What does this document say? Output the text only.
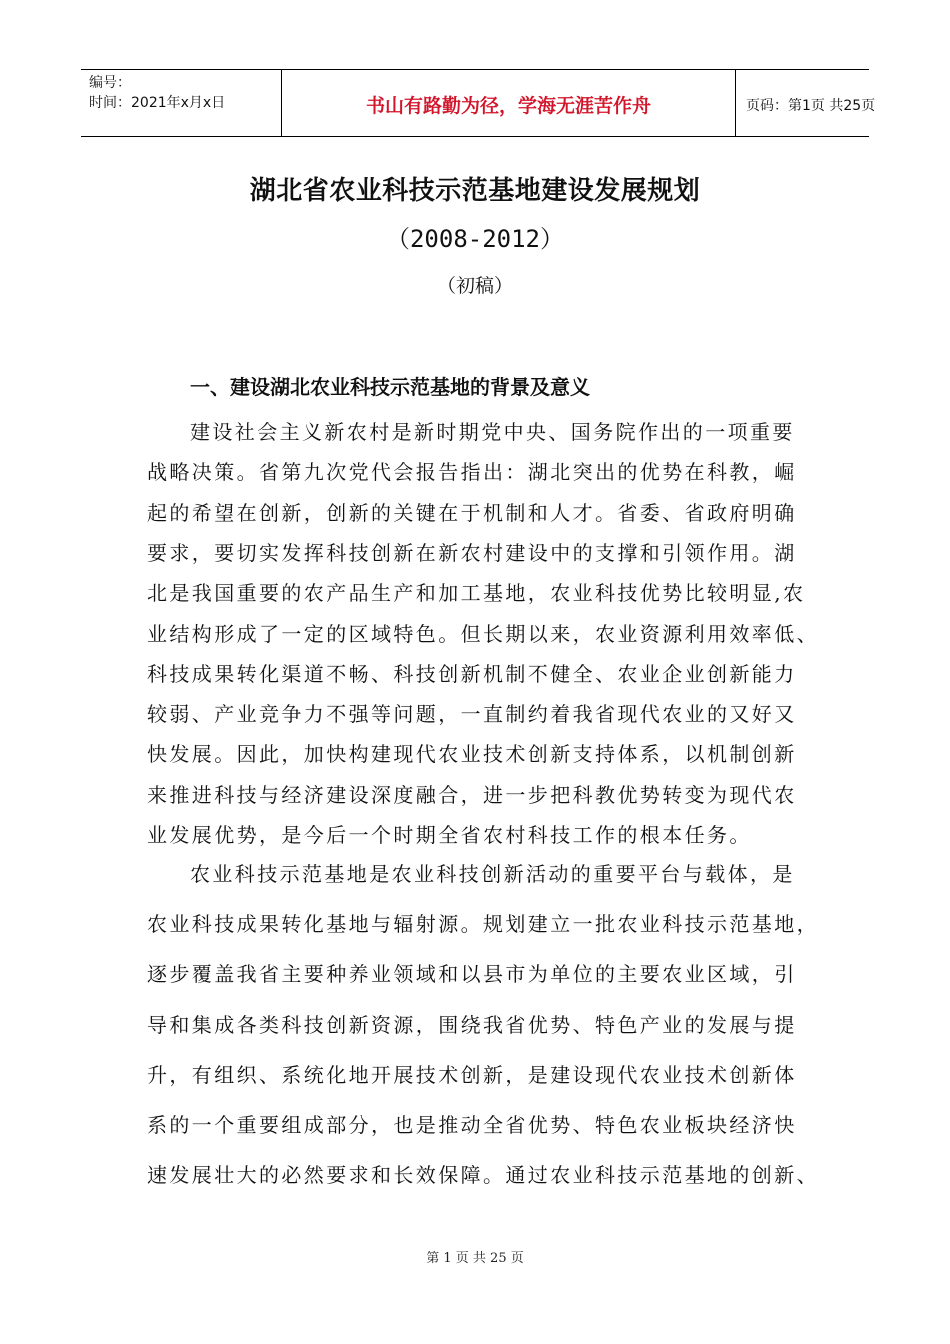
编号：
时间：2021年x月x日	书山有路勤为径，学海无涯苦作舟	页码：第1页 共25页
湖北省农业科技示范基地建设发展规划
（2008-2012）
（初稿）
一、建设湖北农业科技示范基地的背景及意义
建设社会主义新农村是新时期党中央、国务院作出的一项重要
战略决策。省第九次党代会报告指出：湖北突出的优势在科教，崛
起的希望在创新，创新的关键在于机制和人才。省委、省政府明确
要求，要切实发挥科技创新在新农村建设中的支撑和引领作用。湖
北是我国重要的农产品生产和加工基地，农业科技优势比较明显,农
业结构形成了一定的区域特色。但长期以来，农业资源利用效率低、
科技成果转化渠道不畅、科技创新机制不健全、农业企业创新能力
较弱、产业竞争力不强等问题，一直制约着我省现代农业的又好又
快发展。因此，加快构建现代农业技术创新支持体系，以机制创新
来推进科技与经济建设深度融合，进一步把科教优势转变为现代农
业发展优势，是今后一个时期全省农村科技工作的根本任务。
农业科技示范基地是农业科技创新活动的重要平台与载体，是
农业科技成果转化基地与辐射源。规划建立一批农业科技示范基地，
逐步覆盖我省主要种养业领域和以县市为单位的主要农业区域，引
导和集成各类科技创新资源，围绕我省优势、特色产业的发展与提
升，有组织、系统化地开展技术创新，是建设现代农业技术创新体
系的一个重要组成部分，也是推动全省优势、特色农业板块经济快
速发展壮大的必然要求和长效保障。通过农业科技示范基地的创新、
第 1 页 共 25 页
